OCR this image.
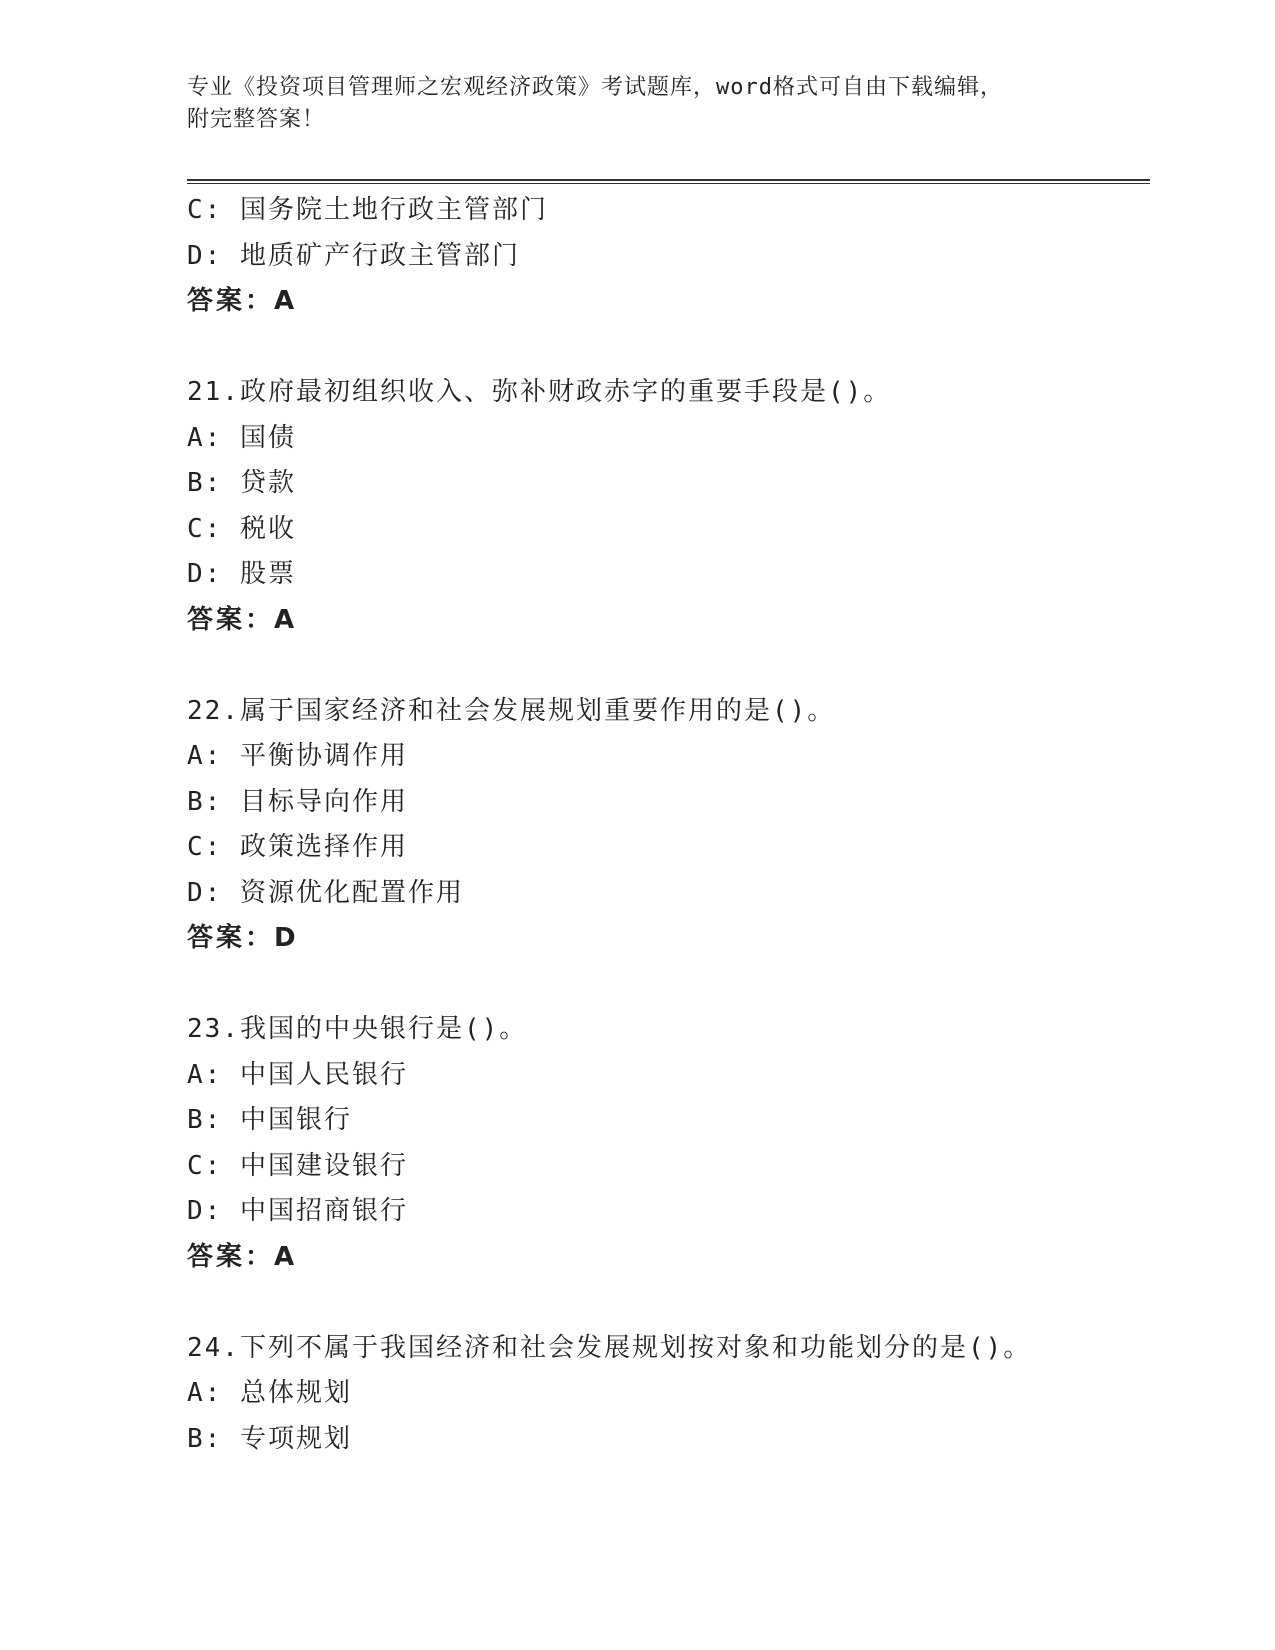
专业《投资项目管理师之宏观经济政策》考试题库，word格式可自由下载编辑，
附完整答案！
C: 国务院土地行政主管部门
D: 地质矿产行政主管部门
答案：A
21.政府最初组织收入、弥补财政赤字的重要手段是()。
A: 国债
B: 贷款
C: 税收
D: 股票
答案：A
22.属于国家经济和社会发展规划重要作用的是()。
A: 平衡协调作用
B: 目标导向作用
C: 政策选择作用
D: 资源优化配置作用
答案：D
23.我国的中央银行是()。
A: 中国人民银行
B: 中国银行
C: 中国建设银行
D: 中国招商银行
答案：A
24.下列不属于我国经济和社会发展规划按对象和功能划分的是()。
A: 总体规划
B: 专项规划
